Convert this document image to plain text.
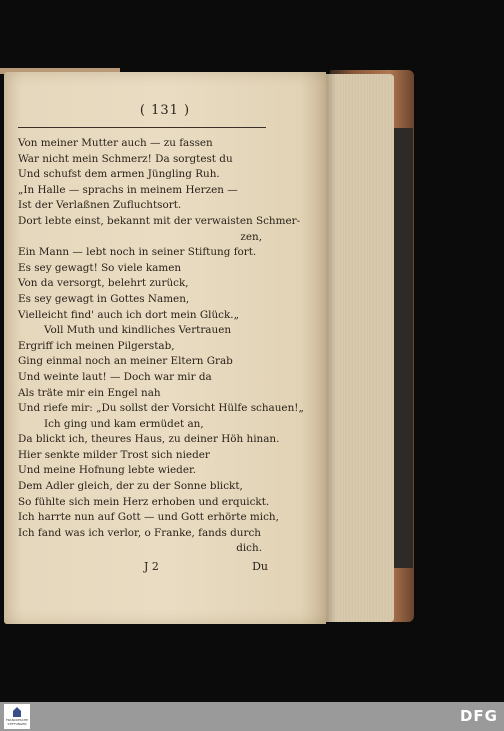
( 131 )
Von meiner Mutter auch — zu fassen
War nicht mein Schmerz! Da sorgtest du
Und schufst dem armen Jüngling Ruh.
„In Halle — sprachs in meinem Herzen —
Ist der Verlaßnen Zufluchtsort.
Dort lebte einst, bekannt mit der verwaisten Schmer-
zen,
Ein Mann — lebt noch in seiner Stiftung fort.
Es sey gewagt! So viele kamen
Von da versorgt, belehrt zurück,
Es sey gewagt in Gottes Namen,
Vielleicht find' auch ich dort mein Glück.„
Voll Muth und kindliches Vertrauen
Ergriff ich meinen Pilgerstab,
Ging einmal noch an meiner Eltern Grab
Und weinte laut! — Doch war mir da
Als träte mir ein Engel nah
Und riefe mir: „Du sollst der Vorsicht Hülfe schauen!„
Ich ging und kam ermüdet an,
Da blickt ich, theures Haus, zu deiner Höh hinan.
Hier senkte milder Trost sich nieder
Und meine Hofnung lebte wieder.
Dem Adler gleich, der zu der Sonne blickt,
So fühlte sich mein Herz erhoben und erquickt.
Ich harrte nun auf Gott — und Gott erhörte mich,
Ich fand was ich verlor, o Franke, fands durch
dich.
J 2	Du
FRANCKESCHE STIFTUNGEN	DFG
